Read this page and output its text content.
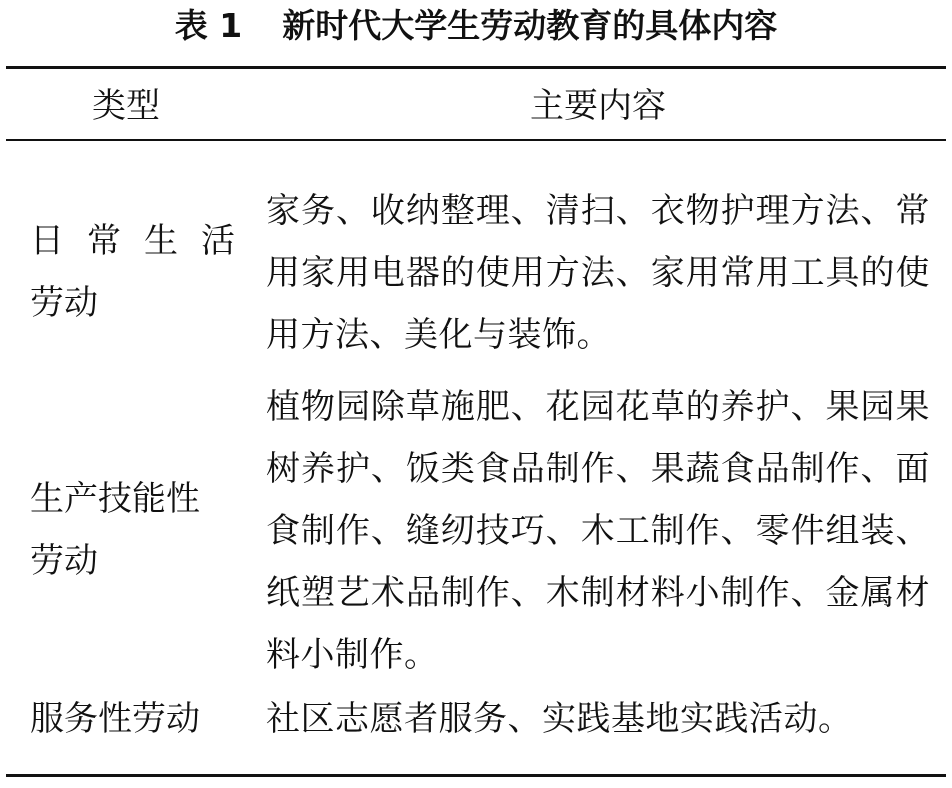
表 1 新时代大学生劳动教育的具体内容
类型	主要内容
日 常 生 活
劳动
家务、收纳整理、清扫、衣物护理方法、常用家用电器的使用方法、家用常用工具的使用方法、美化与装饰。
生产技能性
劳动
植物园除草施肥、花园花草的养护、果园果树养护、饭类食品制作、果蔬食品制作、面食制作、缝纫技巧、木工制作、零件组装、纸塑艺术品制作、木制材料小制作、金属材料小制作。
服务性劳动	社区志愿者服务、实践基地实践活动。
